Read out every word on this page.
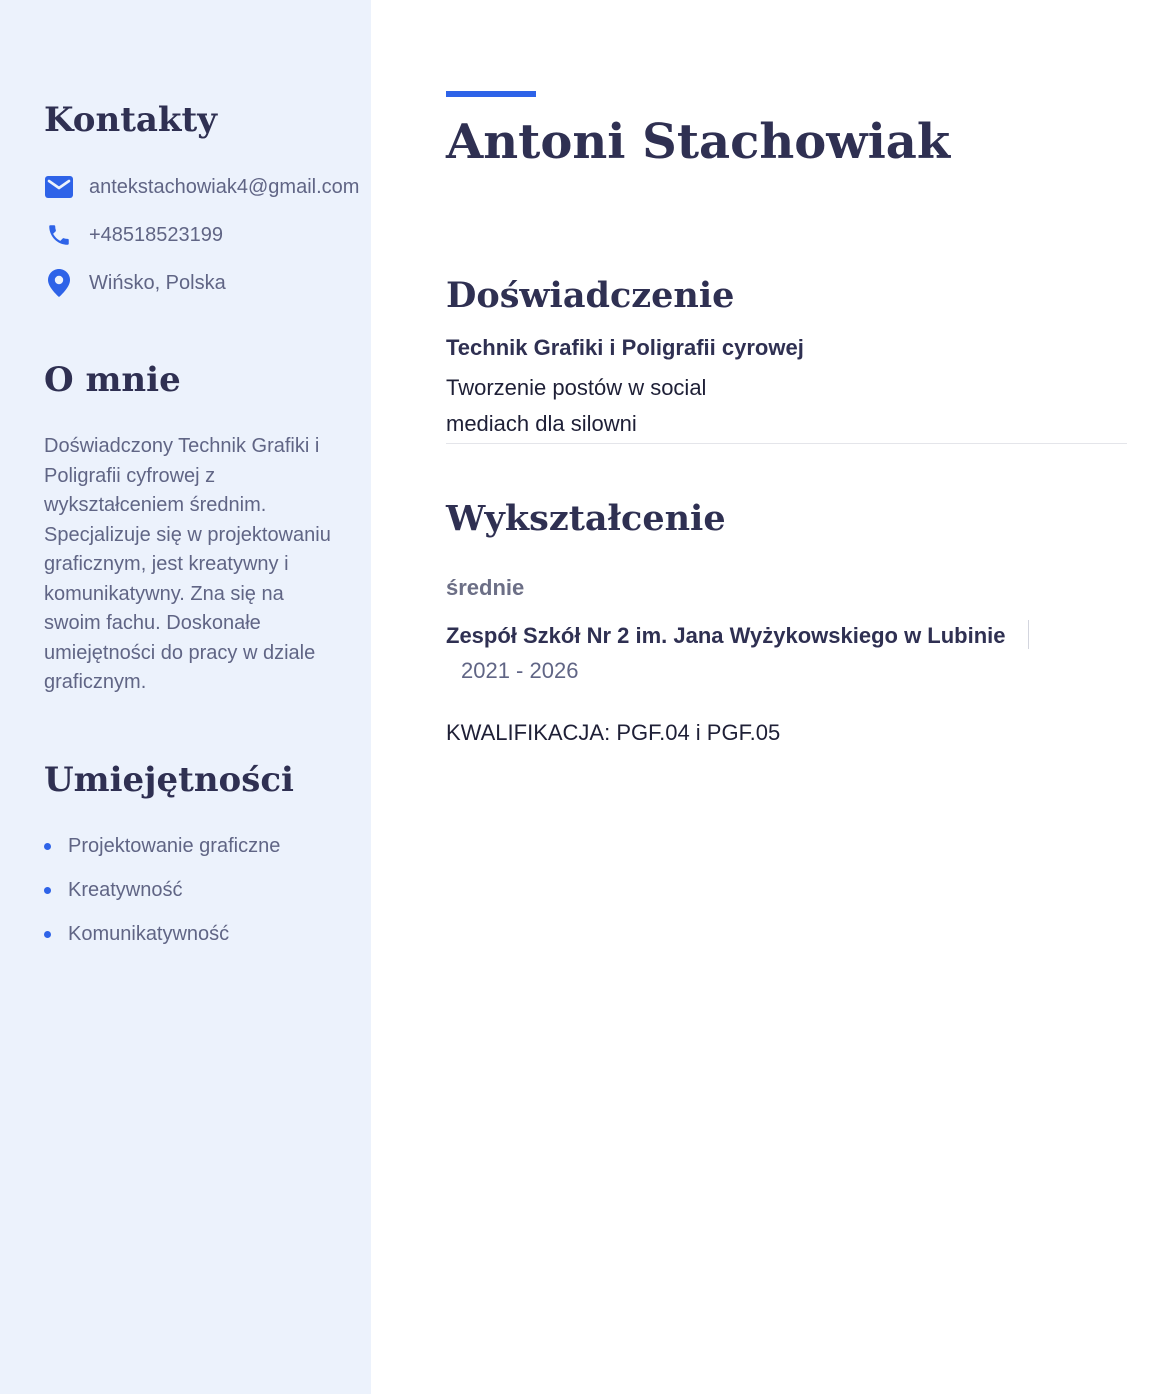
Kontakty
antekstachowiak4@gmail.com
+48518523199
Wińsko, Polska
O mnie

Doświadczony Technik Grafiki i Poligrafii cyfrowej z wykształceniem średnim. Specjalizuje się w projektowaniu graficznym, jest kreatywny i komunikatywny. Zna się na swoim fachu. Doskonałe umiejętności do pracy w dziale graficznym.

Umiejętności
Projektowanie graficzne
Kreatywność
Komunikatywność
Antoni Stachowiak
Doświadczenie

Technik Grafiki i Poligrafii cyrowej

Tworzenie postów w social mediach dla silowni

Wykształcenie

średnie

Zespół Szkół Nr 2 im. Jana Wyżykowskiego w Lubinie

2021 - 2026

KWALIFIKACJA: PGF.04 i PGF.05
